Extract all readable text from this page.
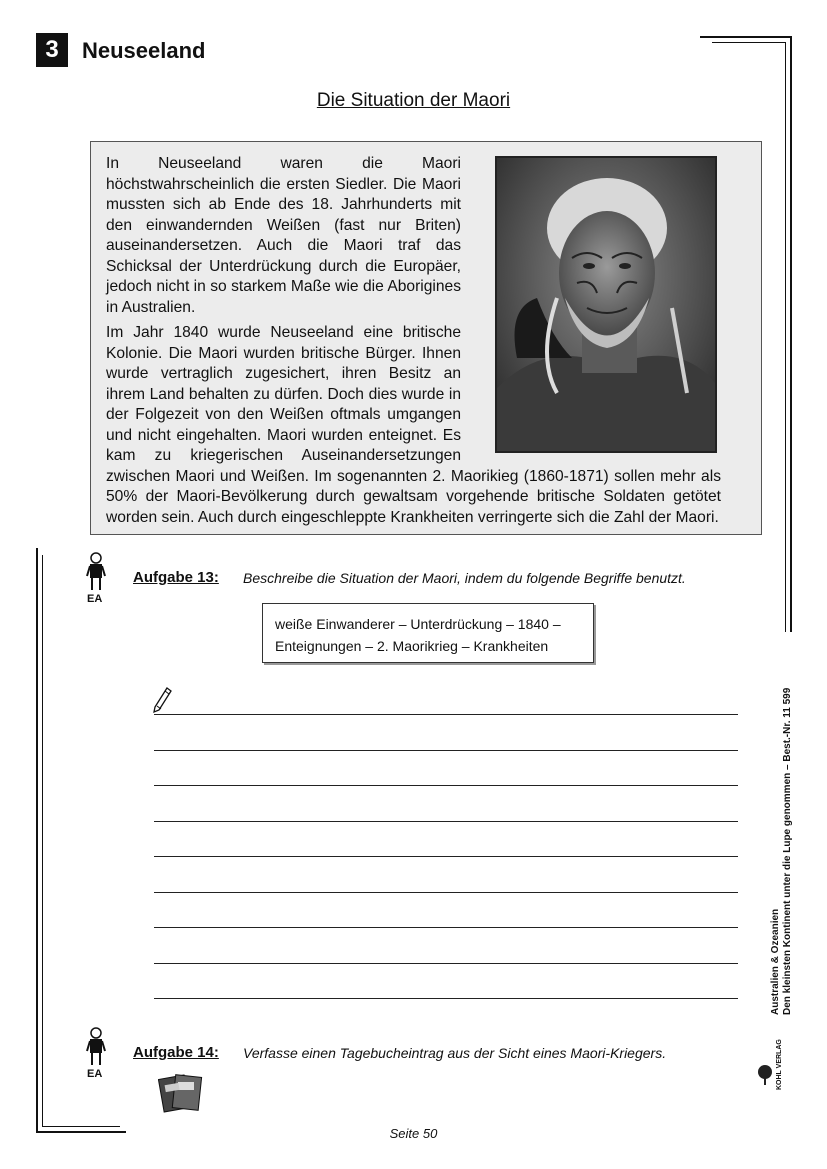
3	Neuseeland
Die Situation der Maori

In Neuseeland waren die Maori höchstwahrscheinlich die ersten Siedler. Die Maori mussten sich ab Ende des 18. Jahrhunderts mit den einwandernden Weißen (fast nur Briten) auseinandersetzen. Auch die Maori traf das Schicksal der Unterdrückung durch die Europäer, jedoch nicht in so starkem Maße wie die Aborigines in Australien.

Im Jahr 1840 wurde Neuseeland eine britische Kolonie. Die Maori wurden britische Bürger. Ihnen wurde vertraglich zugesichert, ihren Besitz an ihrem Land behalten zu dürfen. Doch dies wurde in der Folgezeit von den Weißen oftmals umgangen und nicht eingehalten. Maori wurden enteignet. Es kam zu kriegerischen Auseinandersetzungen zwischen Maori und Weißen. Im sogenannten 2. Maorikieg (1860-1871) sollen mehr als 50% der Maori-Bevölkerung durch gewaltsam vorgehende britische Soldaten getötet worden sein. Auch durch eingeschleppte Krankheiten verringerte sich die Zahl der Maori.

EA
Aufgabe 13: Beschreibe die Situation der Maori, indem du folgende Begriffe benutzt.
weiße Einwanderer – Unterdrückung – 1840 –
Enteignungen – 2. Maorikrieg – Krankheiten
EA
Aufgabe 14: Verfasse einen Tagebucheintrag aus der Sicht eines Maori-Kriegers.
Australien & Ozeanien Den kleinsten Kontinent unter die Lupe genommen – Best.-Nr. 11 599
KOHL VERLAG
Seite 50
